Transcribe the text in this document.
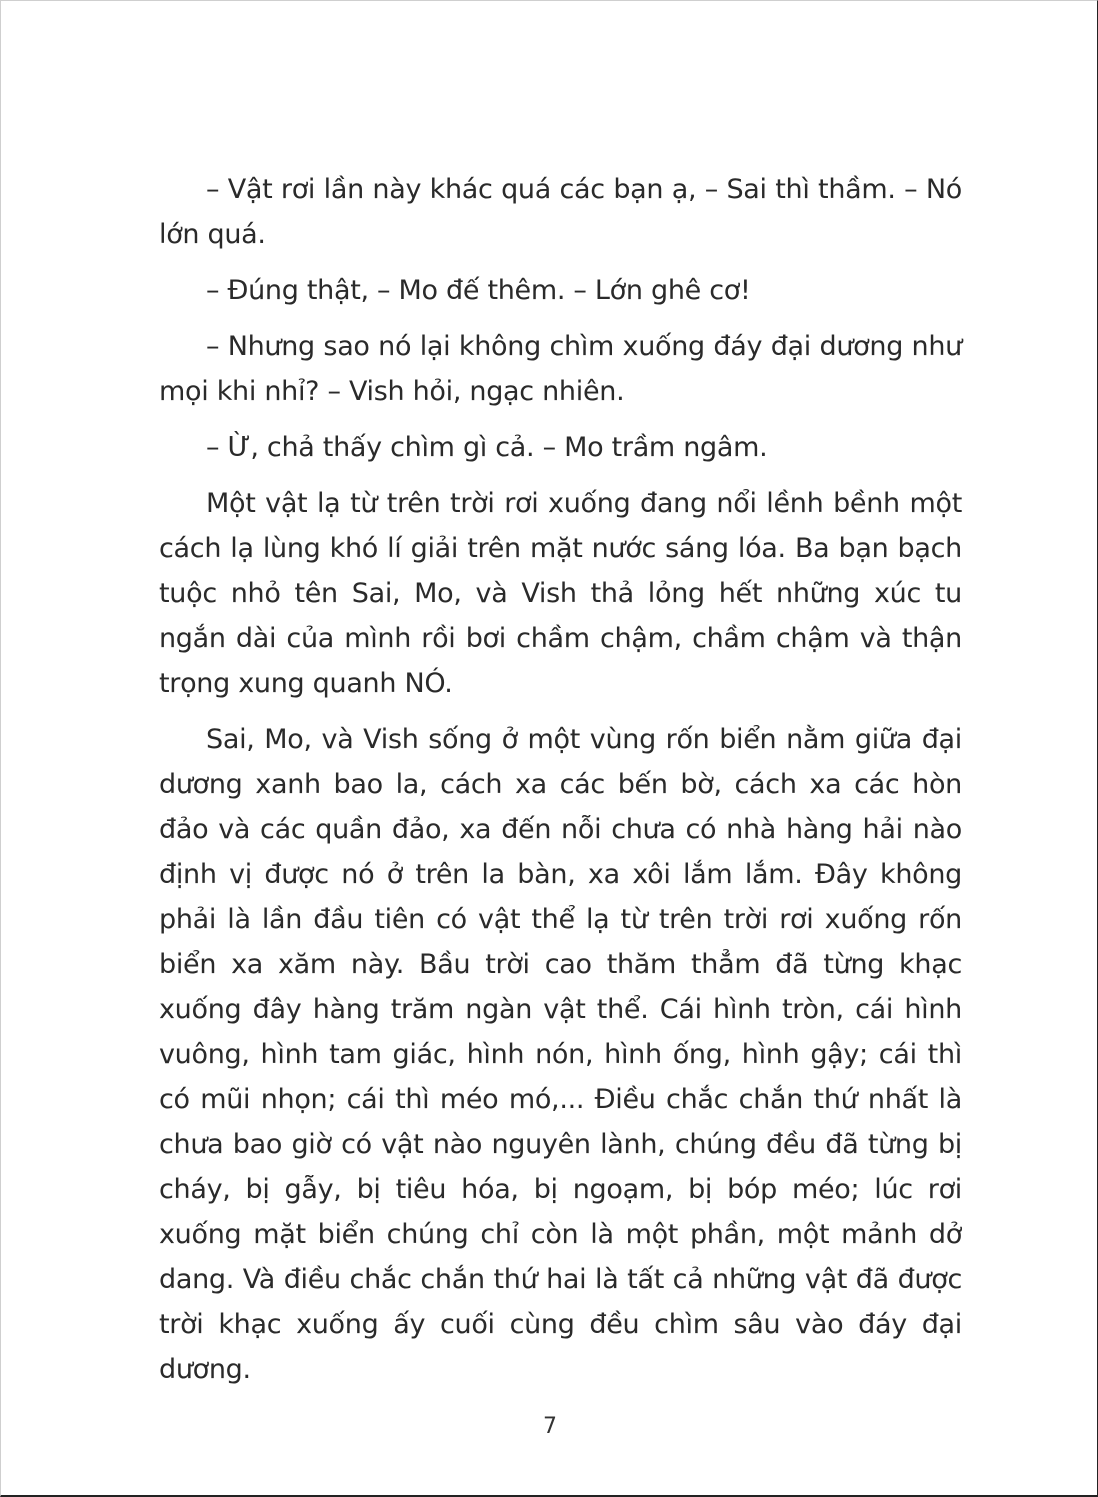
– Vật rơi lần này khác quá các bạn ạ, – Sai thì thầm. – Nó lớn quá.

– Đúng thật, – Mo đế thêm. – Lớn ghê cơ!

– Nhưng sao nó lại không chìm xuống đáy đại dương như mọi khi nhỉ? – Vish hỏi, ngạc nhiên.

– Ừ, chả thấy chìm gì cả. – Mo trầm ngâm.

Một vật lạ từ trên trời rơi xuống đang nổi lềnh bềnh một cách lạ lùng khó lí giải trên mặt nước sáng lóa. Ba bạn bạch tuộc nhỏ tên Sai, Mo, và Vish thả lỏng hết những xúc tu ngắn dài của mình rồi bơi chầm chậm, chầm chậm và thận trọng xung quanh NÓ.

Sai, Mo, và Vish sống ở một vùng rốn biển nằm giữa đại dương xanh bao la, cách xa các bến bờ, cách xa các hòn đảo và các quần đảo, xa đến nỗi chưa có nhà hàng hải nào định vị được nó ở trên la bàn, xa xôi lắm lắm. Đây không phải là lần đầu tiên có vật thể lạ từ trên trời rơi xuống rốn biển xa xăm này. Bầu trời cao thăm thẳm đã từng khạc xuống đây hàng trăm ngàn vật thể. Cái hình tròn, cái hình vuông, hình tam giác, hình nón, hình ống, hình gậy; cái thì có mũi nhọn; cái thì méo mó,... Điều chắc chắn thứ nhất là chưa bao giờ có vật nào nguyên lành, chúng đều đã từng bị cháy, bị gẫy, bị tiêu hóa, bị ngoạm, bị bóp méo; lúc rơi xuống mặt biển chúng chỉ còn là một phần, một mảnh dở dang. Và điều chắc chắn thứ hai là tất cả những vật đã được trời khạc xuống ấy cuối cùng đều chìm sâu vào đáy đại dương.

7
